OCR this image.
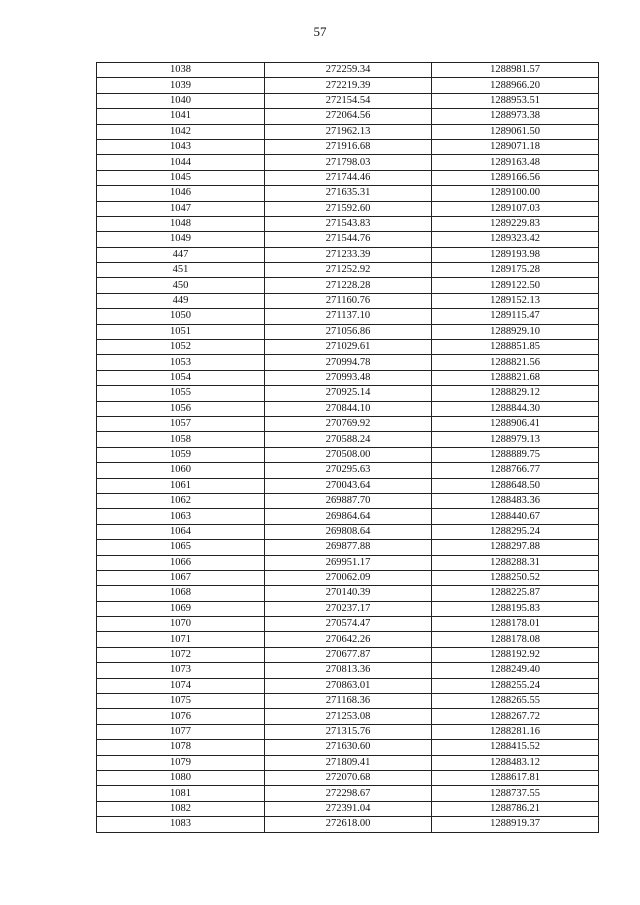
57
1038	272259.34	1288981.57
1039	272219.39	1288966.20
1040	272154.54	1288953.51
1041	272064.56	1288973.38
1042	271962.13	1289061.50
1043	271916.68	1289071.18
1044	271798.03	1289163.48
1045	271744.46	1289166.56
1046	271635.31	1289100.00
1047	271592.60	1289107.03
1048	271543.83	1289229.83
1049	271544.76	1289323.42
447	271233.39	1289193.98
451	271252.92	1289175.28
450	271228.28	1289122.50
449	271160.76	1289152.13
1050	271137.10	1289115.47
1051	271056.86	1288929.10
1052	271029.61	1288851.85
1053	270994.78	1288821.56
1054	270993.48	1288821.68
1055	270925.14	1288829.12
1056	270844.10	1288844.30
1057	270769.92	1288906.41
1058	270588.24	1288979.13
1059	270508.00	1288889.75
1060	270295.63	1288766.77
1061	270043.64	1288648.50
1062	269887.70	1288483.36
1063	269864.64	1288440.67
1064	269808.64	1288295.24
1065	269877.88	1288297.88
1066	269951.17	1288288.31
1067	270062.09	1288250.52
1068	270140.39	1288225.87
1069	270237.17	1288195.83
1070	270574.47	1288178.01
1071	270642.26	1288178.08
1072	270677.87	1288192.92
1073	270813.36	1288249.40
1074	270863.01	1288255.24
1075	271168.36	1288265.55
1076	271253.08	1288267.72
1077	271315.76	1288281.16
1078	271630.60	1288415.52
1079	271809.41	1288483.12
1080	272070.68	1288617.81
1081	272298.67	1288737.55
1082	272391.04	1288786.21
1083	272618.00	1288919.37
